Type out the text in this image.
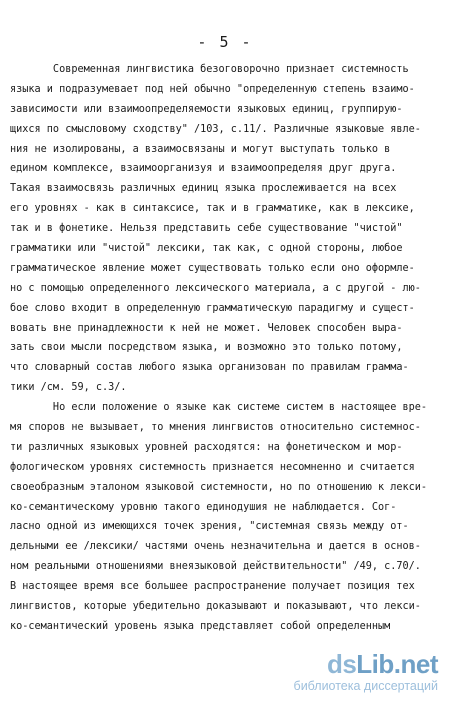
- 5 -
Современная лингвистика безоговорочно признает системность
языка и подразумевает под ней обычно "определенную степень взаимо-
зависимости или взаимоопределяемости языковых единиц, группирую-
щихся по смысловому сходству" /103, с.11/. Различные языковые явле-
ния не изолированы, а взаимосвязаны и могут выступать только в
едином комплексе, взаимоорганизуя и взаимоопределяя друг друга.
Такая взаимосвязь различных единиц языка прослеживается на всех
его уровнях - как в синтаксисе, так и в грамматике, как в лексике,
так и в фонетике. Нельзя представить себе существование "чистой"
грамматики или "чистой" лексики, так как, с одной стороны, любое
грамматическое явление может существовать только если оно оформле-
но с помощью определенного лексического материала, а с другой - лю-
бое слово входит в определенную грамматическую парадигму и сущест-
вовать вне принадлежности к ней не может. Человек способен выра-
зать свои мысли посредством языка, и возможно это только потому,
что словарный состав любого языка организован по правилам грамма-
тики /см. 59, с.3/.
Но если положение о языке как системе систем в настоящее вре-
мя споров не вызывает, то мнения лингвистов относительно системнос-
ти различных языковых уровней расходятся: на фонетическом и мор-
фологическом уровнях системность признается несомненно и считается
своеобразным эталоном языковой системности, но по отношению к лекси-
ко-семантическому уровню такого единодушия не наблюдается. Сог-
ласно одной из имеющихся точек зрения, "системная связь между от-
дельными ее /лексики/ частями очень незначительна и дается в основ-
ном реальными отношениями внеязыковой действительности" /49, с.70/.
В настоящее время все большее распространение получает позиция тех
лингвистов, которые убедительно доказывают и показывают, что лекси-
ко-семантический уровень языка представляет собой определенным
dsLib.net
библиотека диссертаций
